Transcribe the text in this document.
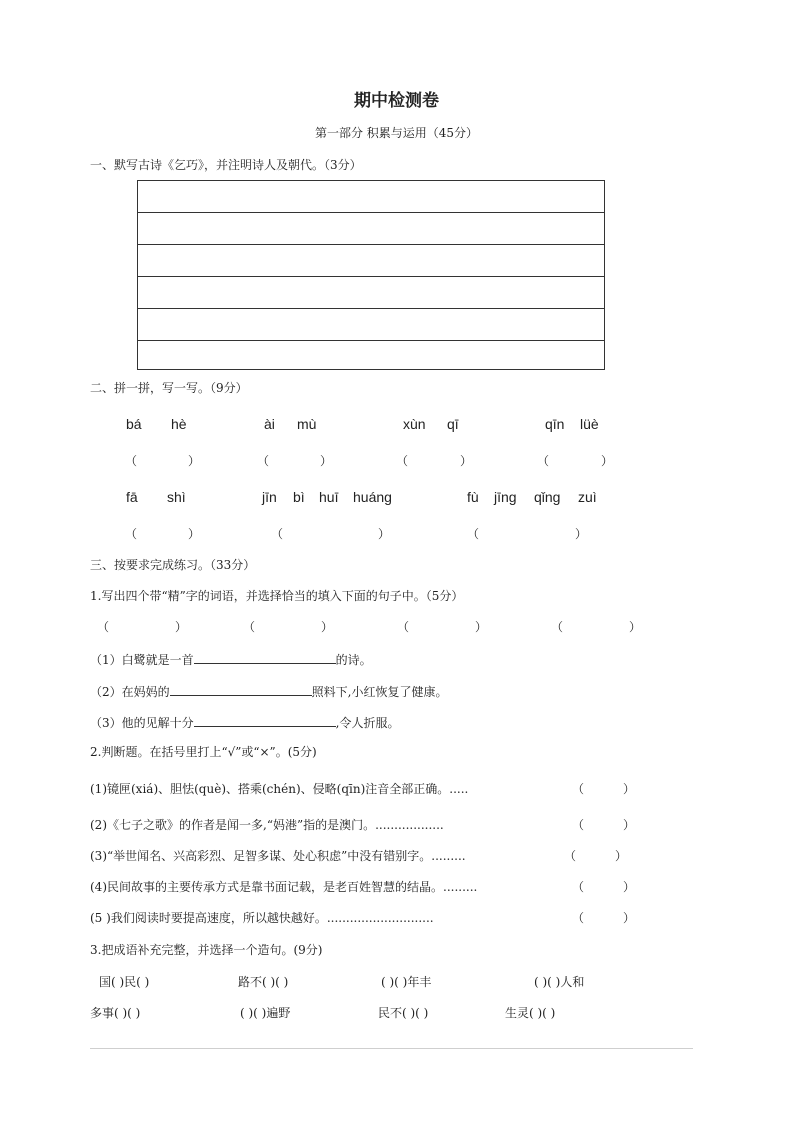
期中检测卷
第一部分 积累与运用（45分）
一、默写古诗《乞巧》，并注明诗人及朝代。（3分）
二、拼一拼，写一写。（9分）
bá hè	ài mù	xùn qī	qīn lüè
（	）	（	）	（	）	（	）
fā shì	jīn bì huī huáng	fù jīng qǐng zuì
（	）	（	）	（	）
三、按要求完成练习。（33分）
1.写出四个带“精”字的词语，并选择恰当的填入下面的句子中。（5分）
（	）	（	）	（	）	（	）
（1）白鹭就是一首	的诗。
（2）在妈妈的	照料下,小红恢复了健康。
（3）他的见解十分	,令人折服。
2.判断题。在括号里打上“√”或“×”。(5分)
(1)镜匣(xiá)、胆怯(què)、搭乘(chén)、侵略(qīn)注音全部正确。.....	（	）
(2)《七子之歌》的作者是闻一多,“妈港”指的是澳门。..................	（	）
(3)“举世闻名、兴高彩烈、足智多谋、处心积虑”中没有错别字。.........	（	）
(4)民间故事的主要传承方式是靠书面记载，是老百姓智慧的结晶。.........	（	）
(5 )我们阅读时要提高速度，所以越快越好。............................	（	）
3.把成语补充完整，并选择一个造句。(9分)
国( )民( )	路不( )( )	( )( )年丰	( )( )人和
多事( )( )	( )( )遍野	民不( )( )	生灵( )( )
